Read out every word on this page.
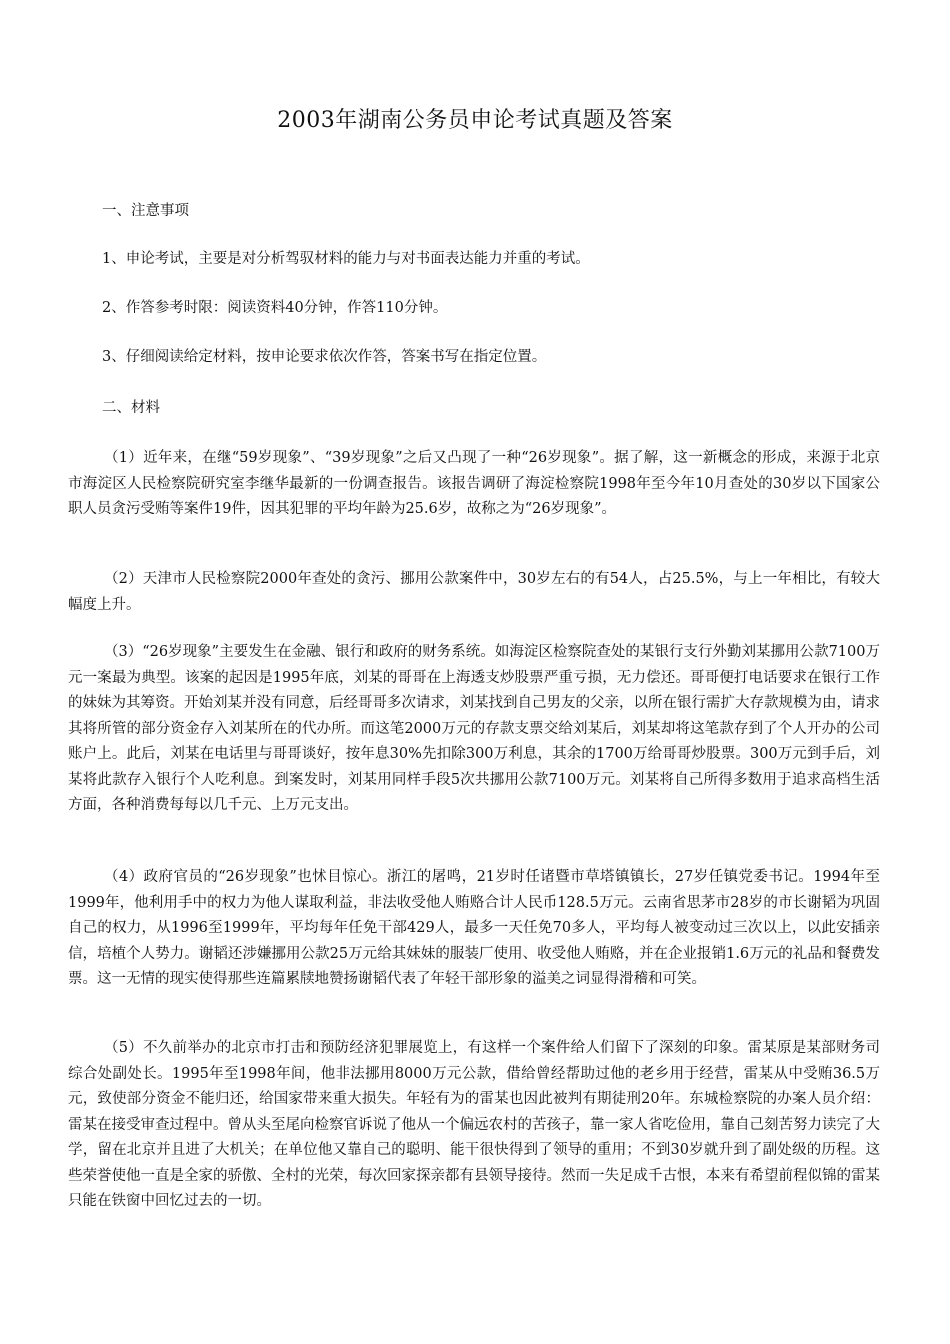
2003年湖南公务员申论考试真题及答案

一、注意事项

1、申论考试，主要是对分析驾驭材料的能力与对书面表达能力并重的考试。

2、作答参考时限：阅读资料40分钟，作答110分钟。

3、仔细阅读给定材料，按申论要求依次作答，答案书写在指定位置。

二、材料

（1）近年来，在继“59岁现象”、“39岁现象”之后又凸现了一种“26岁现象”。据了解，这一新概念的形成，来源于北京市海淀区人民检察院研究室李继华最新的一份调查报告。该报告调研了海淀检察院1998年至今年10月查处的30岁以下国家公职人员贪污受贿等案件19件，因其犯罪的平均年龄为25.6岁，故称之为“26岁现象”。

（2）天津市人民检察院2000年查处的贪污、挪用公款案件中，30岁左右的有54人，占25.5%，与上一年相比，有较大幅度上升。

（3）“26岁现象”主要发生在金融、银行和政府的财务系统。如海淀区检察院查处的某银行支行外勤刘某挪用公款7100万元一案最为典型。该案的起因是1995年底，刘某的哥哥在上海透支炒股票严重亏损，无力偿还。哥哥便打电话要求在银行工作的妹妹为其筹资。开始刘某并没有同意，后经哥哥多次请求，刘某找到自己男友的父亲，以所在银行需扩大存款规模为由，请求其将所管的部分资金存入刘某所在的代办所。而这笔2000万元的存款支票交给刘某后，刘某却将这笔款存到了个人开办的公司账户上。此后，刘某在电话里与哥哥谈好，按年息30%先扣除300万利息，其余的1700万给哥哥炒股票。300万元到手后，刘某将此款存入银行个人吃利息。到案发时，刘某用同样手段5次共挪用公款7100万元。刘某将自己所得多数用于追求高档生活方面，各种消费每每以几千元、上万元支出。

（4）政府官员的“26岁现象”也怵目惊心。浙江的屠鸣，21岁时任诸暨市草塔镇镇长，27岁任镇党委书记。1994年至1999年，他利用手中的权力为他人谋取利益，非法收受他人贿赂合计人民币128.5万元。云南省思茅市28岁的市长谢韬为巩固自己的权力，从1996至1999年，平均每年任免干部429人，最多一天任免70多人，平均每人被变动过三次以上，以此安插亲信，培植个人势力。谢韬还涉嫌挪用公款25万元给其妹妹的服装厂使用、收受他人贿赂，并在企业报销1.6万元的礼品和餐费发票。这一无情的现实使得那些连篇累牍地赞扬谢韬代表了年轻干部形象的溢美之词显得滑稽和可笑。

（5）不久前举办的北京市打击和预防经济犯罪展览上，有这样一个案件给人们留下了深刻的印象。雷某原是某部财务司综合处副处长。1995年至1998年间，他非法挪用8000万元公款，借给曾经帮助过他的老乡用于经营，雷某从中受贿36.5万元，致使部分资金不能归还，给国家带来重大损失。年轻有为的雷某也因此被判有期徒刑20年。东城检察院的办案人员介绍：雷某在接受审查过程中。曾从头至尾向检察官诉说了他从一个偏远农村的苦孩子，靠一家人省吃俭用，靠自己刻苦努力读完了大学，留在北京并且进了大机关；在单位他又靠自己的聪明、能干很快得到了领导的重用；不到30岁就升到了副处级的历程。这些荣誉使他一直是全家的骄傲、全村的光荣，每次回家探亲都有县领导接待。然而一失足成千古恨，本来有希望前程似锦的雷某只能在铁窗中回忆过去的一切。
